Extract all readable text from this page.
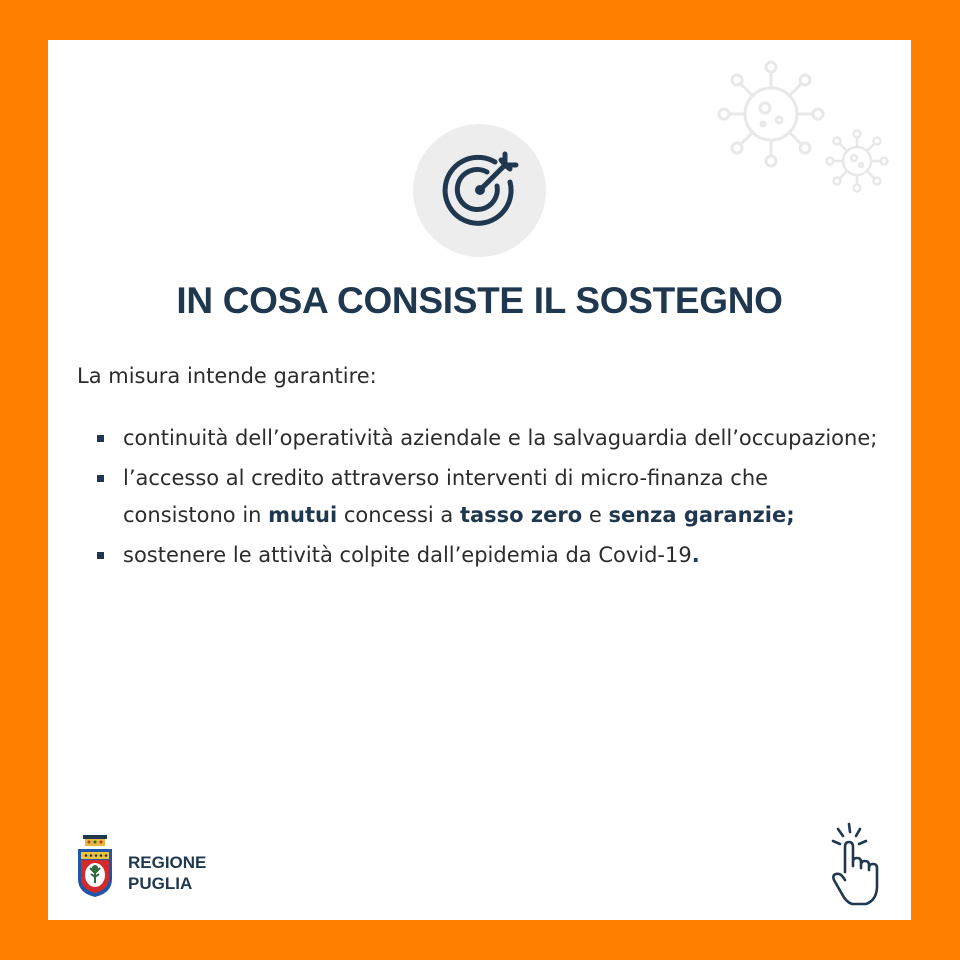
IN COSA CONSISTE IL SOSTEGNO
La misura intende garantire:
continuità dell’operatività aziendale e la salvaguardia dell’occupazione;
l’accesso al credito attraverso interventi di micro-finanza che consistono in mutui concessi a tasso zero e senza garanzie;
sostenere le attività colpite dall’epidemia da Covid-19.
REGIONE
PUGLIA
